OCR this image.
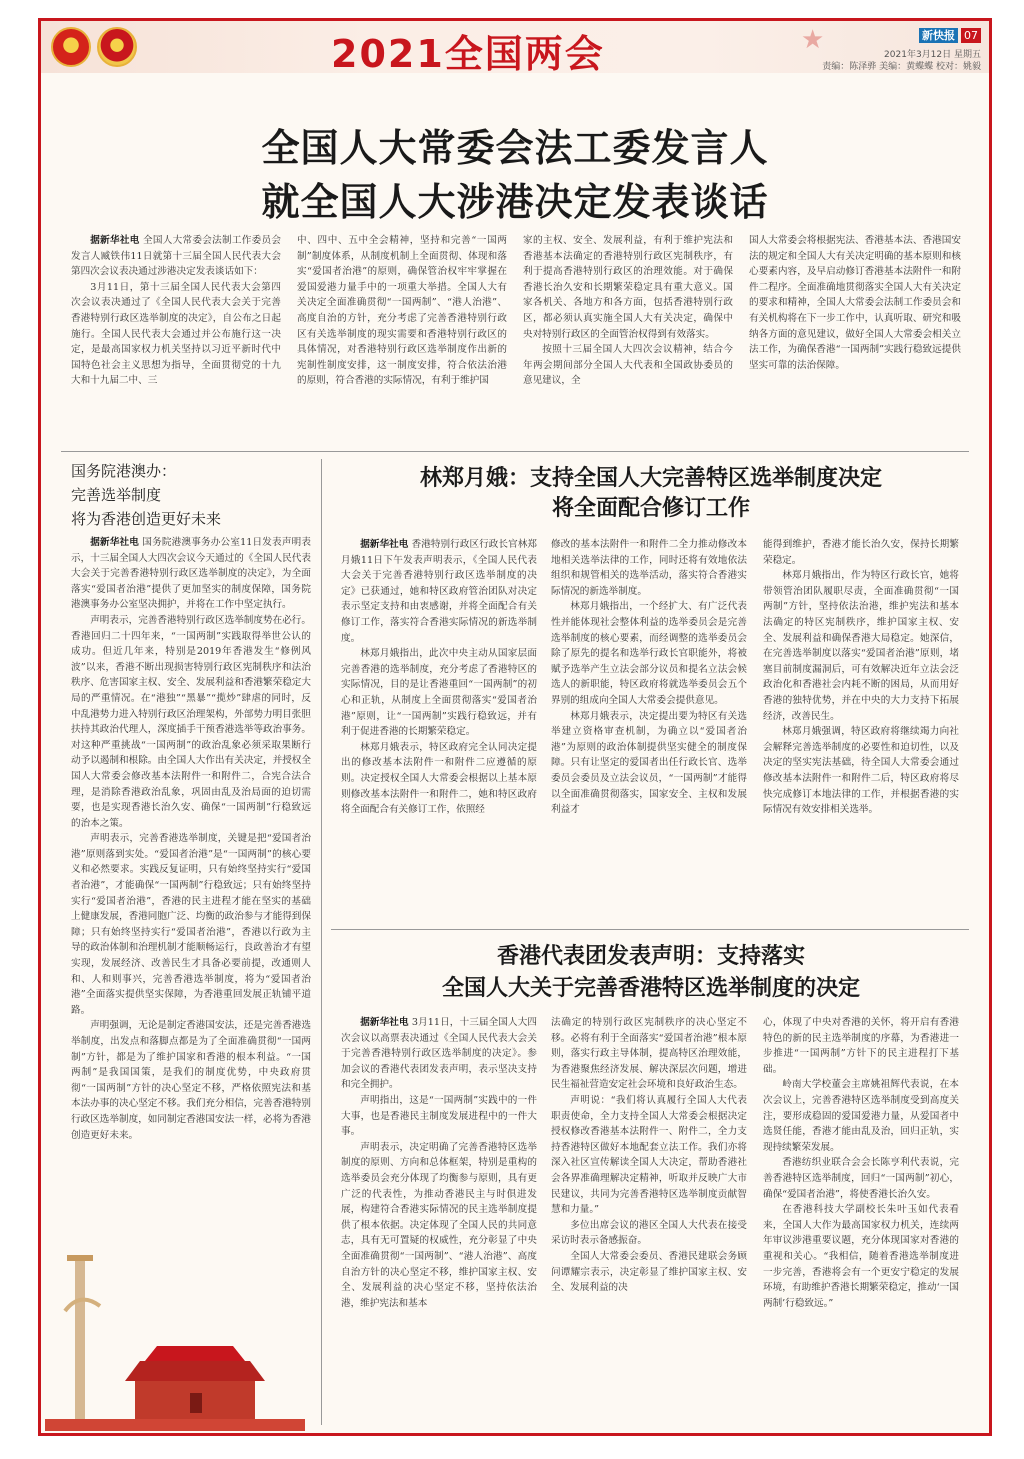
2021全国两会	★	新快报 07
2021年3月12日 星期五
责编：陈泽骅 美编：黄蝶蝶 校对：姚毅
全国人大常委会法工委发言人
就全国人大涉港决定发表谈话

据新华社电 全国人大常委会法制工作委员会发言人臧铁伟11日就第十三届全国人民代表大会第四次会议表决通过涉港决定发表谈话如下：

3月11日，第十三届全国人民代表大会第四次会议表决通过了《全国人民代表大会关于完善香港特别行政区选举制度的决定》，自公布之日起施行。全国人民代表大会通过并公布施行这一决定，是最高国家权力机关坚持以习近平新时代中国特色社会主义思想为指导，全面贯彻党的十九大和十九届二中、三

中、四中、五中全会精神，坚持和完善“一国两制”制度体系，从制度机制上全面贯彻、体现和落实“爱国者治港”的原则，确保管治权牢牢掌握在爱国爱港力量手中的一项重大举措。全国人大有关决定全面准确贯彻“一国两制”、“港人治港”、高度自治的方针，充分考虑了完善香港特别行政区有关选举制度的现实需要和香港特别行政区的具体情况，对香港特别行政区选举制度作出新的宪制性制度安排，这一制度安排，符合依法治港的原则，符合香港的实际情况，有利于维护国

家的主权、安全、发展利益，有利于维护宪法和香港基本法确定的香港特别行政区宪制秩序，有利于提高香港特别行政区的治理效能。对于确保香港长治久安和长期繁荣稳定具有重大意义。国家各机关、各地方和各方面，包括香港特别行政区，都必须认真实施全国人大有关决定，确保中央对特别行政区的全面管治权得到有效落实。

按照十三届全国人大四次会议精神，结合今年两会期间部分全国人大代表和全国政协委员的意见建议，全

国人大常委会将根据宪法、香港基本法、香港国安法的规定和全国人大有关决定明确的基本原则和核心要素内容，及早启动修订香港基本法附件一和附件二程序。全面准确地贯彻落实全国人大有关决定的要求和精神，全国人大常委会法制工作委员会和有关机构将在下一步工作中，认真听取、研究和吸纳各方面的意见建议，做好全国人大常委会相关立法工作，为确保香港“一国两制”实践行稳致远提供坚实可靠的法治保障。

国务院港澳办：
完善选举制度
将为香港创造更好未来

据新华社电 国务院港澳事务办公室11日发表声明表示，十三届全国人大四次会议今天通过的《全国人民代表大会关于完善香港特别行政区选举制度的决定》，为全面落实“爱国者治港”提供了更加坚实的制度保障，国务院港澳事务办公室坚决拥护，并将在工作中坚定执行。

声明表示，完善香港特别行政区选举制度势在必行。香港回归二十四年来，“一国两制”实践取得举世公认的成功。但近几年来，特别是2019年香港发生“修例风波”以来，香港不断出现损害特别行政区宪制秩序和法治秩序、危害国家主权、安全、发展利益和香港繁荣稳定大局的严重情况。在“港独”“黑暴”“揽炒”肆虐的同时，反中乱港势力进入特别行政区治理架构，外部势力明目张胆扶持其政治代理人，深度插手干预香港选举等政治事务。对这种严重挑战“一国两制”的政治乱象必须采取果断行动予以遏制和根除。由全国人大作出有关决定，并授权全国人大常委会修改基本法附件一和附件二，合宪合法合理，是消除香港政治乱象，巩固由乱及治局面的迫切需要，也是实现香港长治久安、确保“一国两制”行稳致远的治本之策。

声明表示，完善香港选举制度，关键是把“爱国者治港”原则落到实处。“爱国者治港”是“一国两制”的核心要义和必然要求。实践反复证明，只有始终坚持实行“爱国者治港”，才能确保“一国两制”行稳致远；只有始终坚持实行“爱国者治港”，香港的民主进程才能在坚实的基础上健康发展，香港同胞广泛、均衡的政治参与才能得到保障；只有始终坚持实行“爱国者治港”，香港以行政为主导的政治体制和治理机制才能顺畅运行，良政善治才有望实现，发展经济、改善民生才具备必要前提，改通则人和、人和则事兴，完善香港选举制度，将为“爱国者治港”全面落实提供坚实保障，为香港重回发展正轨铺平道路。

声明强调，无论是制定香港国安法，还是完善香港选举制度，出发点和落脚点都是为了全面准确贯彻“一国两制”方针，都是为了维护国家和香港的根本利益。“一国两制”是我国国策，是我们的制度优势，中央政府贯彻“一国两制”方针的决心坚定不移，严格依照宪法和基本法办事的决心坚定不移。我们充分相信，完善香港特别行政区选举制度，如同制定香港国安法一样，必将为香港创造更好未来。

林郑月娥：支持全国人大完善特区选举制度决定
将全面配合修订工作

据新华社电 香港特别行政区行政长官林郑月娥11日下午发表声明表示，《全国人民代表大会关于完善香港特别行政区选举制度的决定》已获通过，她和特区政府管治团队对决定表示坚定支持和由衷感谢，并将全面配合有关修订工作，落实符合香港实际情况的新选举制度。

林郑月娥指出，此次中央主动从国家层面完善香港的选举制度，充分考虑了香港特区的实际情况，目的是让香港重回“一国两制”的初心和正轨，从制度上全面贯彻落实“爱国者治港”原则，让“一国两制”实践行稳致远，并有利于促进香港的长期繁荣稳定。

林郑月娥表示，特区政府完全认同决定提出的修改基本法附件一和附件二应遵循的原则。决定授权全国人大常委会根据以上基本原则修改基本法附件一和附件二，她和特区政府将全面配合有关修订工作，依照经

修改的基本法附件一和附件二全力推动修改本地相关选举法律的工作，同时还将有效地依法组织和规管相关的选举活动，落实符合香港实际情况的新选举制度。

林郑月娥指出，一个经扩大、有广泛代表性并能体现社会整体利益的选举委员会是完善选举制度的核心要素，而经调整的选举委员会除了原先的提名和选举行政长官职能外，将被赋予选举产生立法会部分议员和提名立法会候选人的新职能，特区政府将就选举委员会五个界别的组成向全国人大常委会提供意见。

林郑月娥表示，决定提出要为特区有关选举建立资格审查机制，为确立以“爱国者治港”为原则的政治体制提供坚实健全的制度保障。只有让坚定的爱国者出任行政长官、选举委员会委员及立法会议员，“一国两制”才能得以全面准确贯彻落实，国家安全、主权和发展利益才

能得到维护，香港才能长治久安，保持长期繁荣稳定。

林郑月娥指出，作为特区行政长官，她将带领管治团队履职尽责，全面准确贯彻“一国两制”方针，坚持依法治港，维护宪法和基本法确定的特区宪制秩序，维护国家主权、安全、发展利益和确保香港大局稳定。她深信，在完善选举制度以落实“爱国者治港”原则，堵塞目前制度漏洞后，可有效解决近年立法会泛政治化和香港社会内耗不断的困局，从而用好香港的独特优势，并在中央的大力支持下拓展经济，改善民生。

林郑月娥强调，特区政府将继续竭力向社会解释完善选举制度的必要性和迫切性，以及决定的坚实宪法基础，待全国人大常委会通过修改基本法附件一和附件二后，特区政府将尽快完成修订本地法律的工作，并根据香港的实际情况有效安排相关选举。

香港代表团发表声明：支持落实
全国人大关于完善香港特区选举制度的决定

据新华社电 3月11日，十三届全国人大四次会议以高票表决通过《全国人民代表大会关于完善香港特别行政区选举制度的决定》。参加会议的香港代表团发表声明，表示坚决支持和完全拥护。

声明指出，这是“一国两制”实践中的一件大事，也是香港民主制度发展进程中的一件大事。

声明表示，决定明确了完善香港特区选举制度的原则、方向和总体框架，特别是重构的选举委员会充分体现了均衡参与原则，具有更广泛的代表性，为推动香港民主与时俱进发展，构建符合香港实际情况的民主选举制度提供了根本依据。决定体现了全国人民的共同意志，具有无可置疑的权威性，充分彰显了中央全面准确贯彻“一国两制”、“港人治港”、高度自治方针的决心坚定不移，维护国家主权、安全、发展利益的决心坚定不移，坚持依法治港，维护宪法和基本

法确定的特别行政区宪制秩序的决心坚定不移。必将有利于全面落实“爱国者治港”根本原则，落实行政主导体制，提高特区治理效能，为香港聚焦经济发展、解决深层次问题，增进民生福祉营造安定社会环境和良好政治生态。

声明说：“我们将认真履行全国人大代表职责使命，全力支持全国人大常委会根据决定授权修改香港基本法附件一、附件二，全力支持香港特区做好本地配套立法工作。我们亦将深入社区宣传解读全国人大决定，帮助香港社会各界准确理解决定精神，听取并反映广大市民建议，共同为完善香港特区选举制度贡献智慧和力量。”

多位出席会议的港区全国人大代表在接受采访时表示备感振奋。

全国人大常委会委员、香港民建联会务顾问谭耀宗表示，决定彰显了维护国家主权、安全、发展利益的决

心，体现了中央对香港的关怀，将开启有香港特色的新的民主选举制度的序幕，为香港进一步推进“一国两制”方针下的民主进程打下基础。

岭南大学校董会主席姚祖辉代表说，在本次会议上，完善香港特区选举制度受到高度关注，要形成稳固的爱国爱港力量，从爱国者中选贤任能，香港才能由乱及治，回归正轨，实现持续繁荣发展。

香港纺织业联合会会长陈亨利代表说，完善香港特区选举制度，回归“一国两制”初心，确保“爱国者治港”，将使香港长治久安。

在香港科技大学副校长朱叶玉如代表看来，全国人大作为最高国家权力机关，连续两年审议涉港重要议题，充分体现国家对香港的重视和关心。“我相信，随着香港选举制度进一步完善，香港将会有一个更安宁稳定的发展环境，有助维护香港长期繁荣稳定，推动‘一国两制’行稳致远。”
